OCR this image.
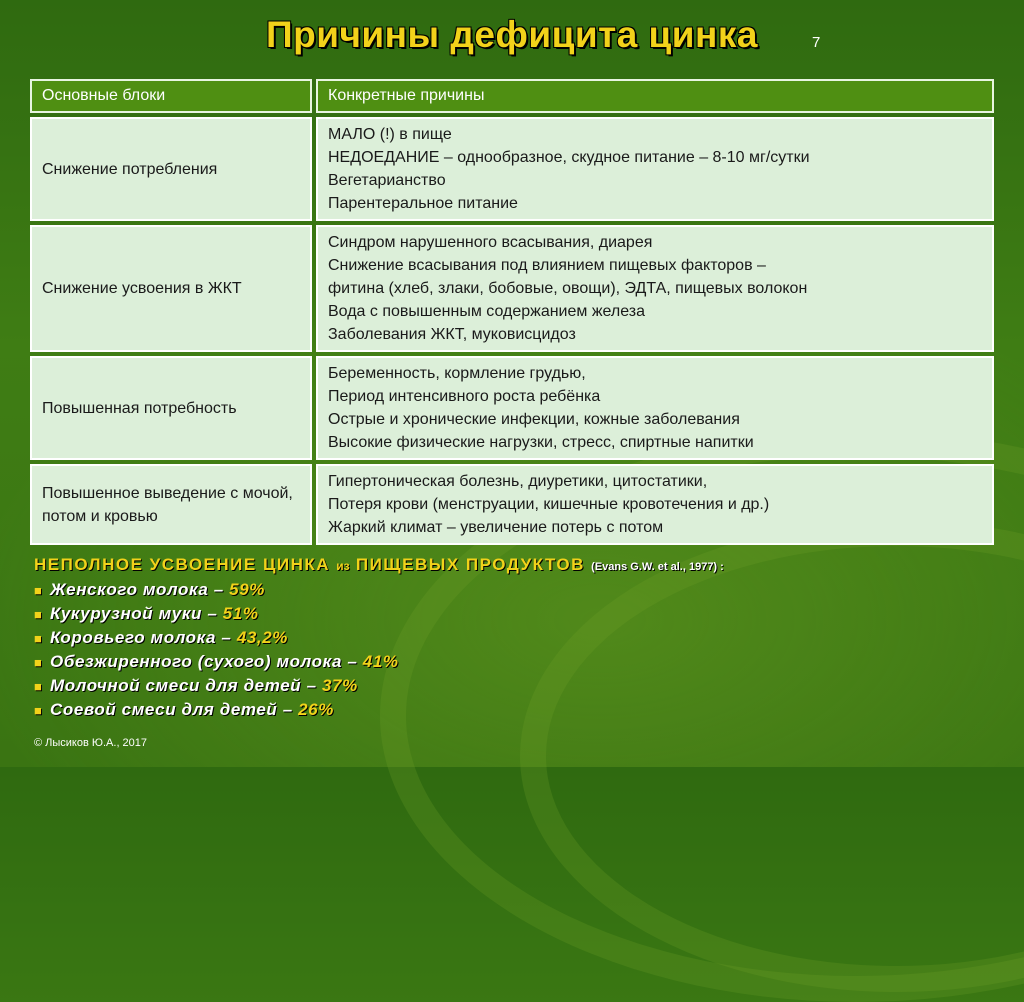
Причины дефицита цинка	7
Основные блоки	Конкретные причины
Снижение потребления	МАЛО (!) в пище
НЕДОЕДАНИЕ – однообразное, скудное питание – 8-10 мг/сутки
Вегетарианство
Парентеральное питание

Снижение усвоения в ЖКТ	Синдром нарушенного всасывания, диарея
Снижение всасывания под влиянием пищевых факторов –
фитина (хлеб, злаки, бобовые, овощи), ЭДТА, пищевых волокон
Вода с повышенным содержанием железа
Заболевания ЖКТ, муковисцидоз

Повышенная потребность	Беременность, кормление грудью,
Период интенсивного роста ребёнка
Острые и хронические инфекции, кожные заболевания
Высокие физические нагрузки, стресс, спиртные напитки

Повышенное выведение с мочой, потом и кровью	Гипертоническая болезнь, диуретики, цитостатики,
Потеря крови (менструации, кишечные кровотечения и др.)
Жаркий климат – увеличение потерь с потом
НЕПОЛНОЕ УСВОЕНИЕ ЦИНКА из ПИЩЕВЫХ ПРОДУКТОВ (Evans G.W. et al., 1977) :
■ Женского молока – 59%
■ Кукурузной муки – 51%
■ Коровьего молока – 43,2%
■ Обезжиренного (сухого) молока – 41%
■ Молочной смеси для детей – 37%
■ Соевой смеси для детей – 26%
© Лысиков Ю.А., 2017
